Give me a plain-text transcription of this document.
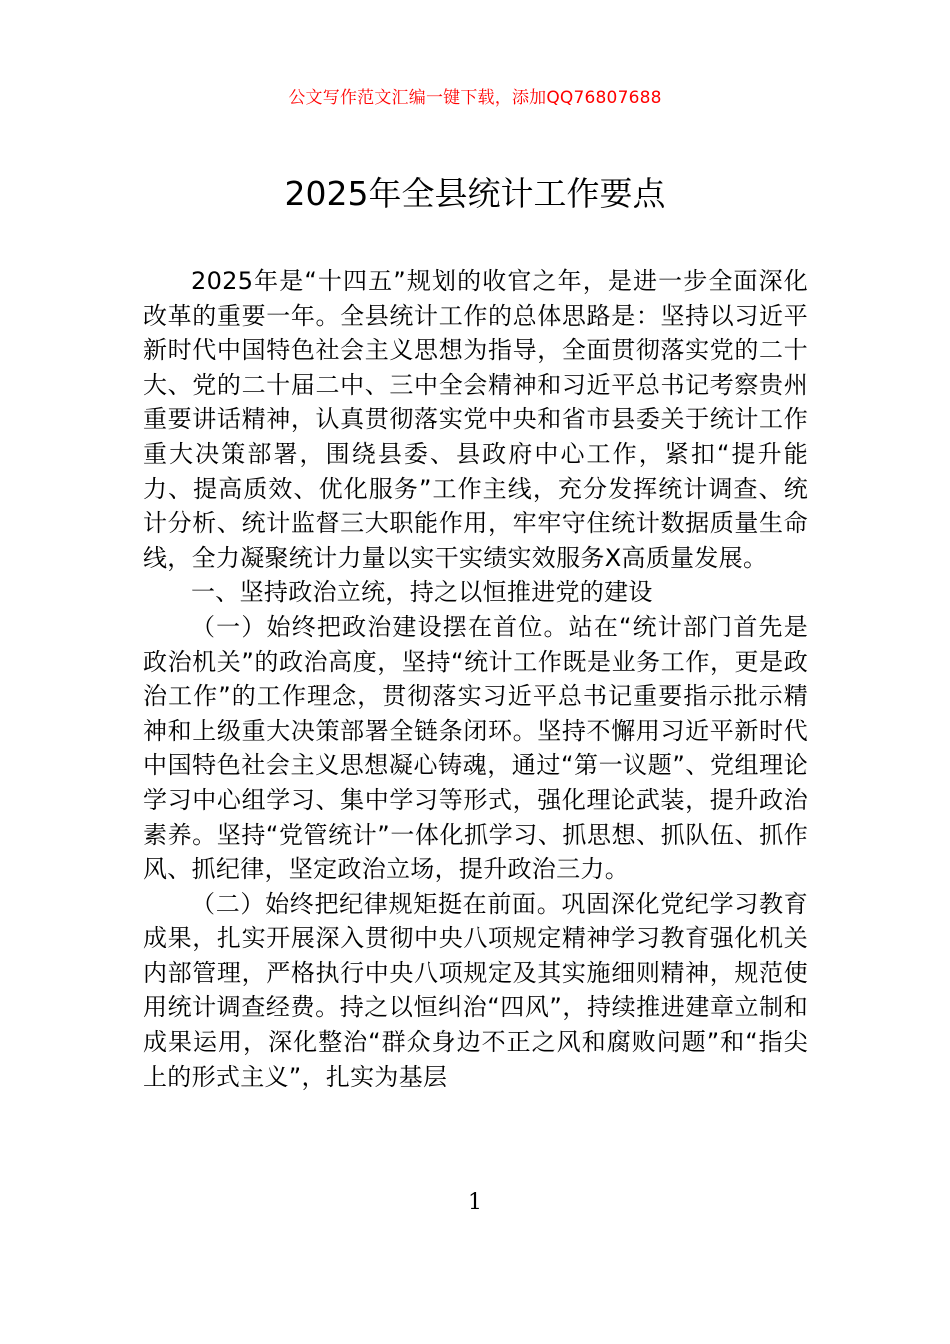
公文写作范文汇编一键下载，添加QQ76807688
2025年全县统计工作要点

2025年是“十四五”规划的收官之年，是进一步全面深化改革的重要一年。全县统计工作的总体思路是：坚持以习近平新时代中国特色社会主义思想为指导，全面贯彻落实党的二十大、党的二十届二中、三中全会精神和习近平总书记考察贵州重要讲话精神，认真贯彻落实党中央和省市县委关于统计工作重大决策部署，围绕县委、县政府中心工作，紧扣“提升能力、提高质效、优化服务”工作主线，充分发挥统计调查、统计分析、统计监督三大职能作用，牢牢守住统计数据质量生命线，全力凝聚统计力量以实干实绩实效服务X高质量发展。

一、坚持政治立统，持之以恒推进党的建设

（一）始终把政治建设摆在首位。站在“统计部门首先是政治机关”的政治高度，坚持“统计工作既是业务工作，更是政治工作”的工作理念，贯彻落实习近平总书记重要指示批示精神和上级重大决策部署全链条闭环。坚持不懈用习近平新时代中国特色社会主义思想凝心铸魂，通过“第一议题”、党组理论学习中心组学习、集中学习等形式，强化理论武装，提升政治素养。坚持“党管统计”一体化抓学习、抓思想、抓队伍、抓作风、抓纪律，坚定政治立场，提升政治三力。

（二）始终把纪律规矩挺在前面。巩固深化党纪学习教育成果，扎实开展深入贯彻中央八项规定精神学习教育强化机关内部管理，严格执行中央八项规定及其实施细则精神，规范使用统计调查经费。持之以恒纠治“四风”，持续推进建章立制和成果运用，深化整治“群众身边不正之风和腐败问题”和“指尖上的形式主义”，扎实为基层

1
